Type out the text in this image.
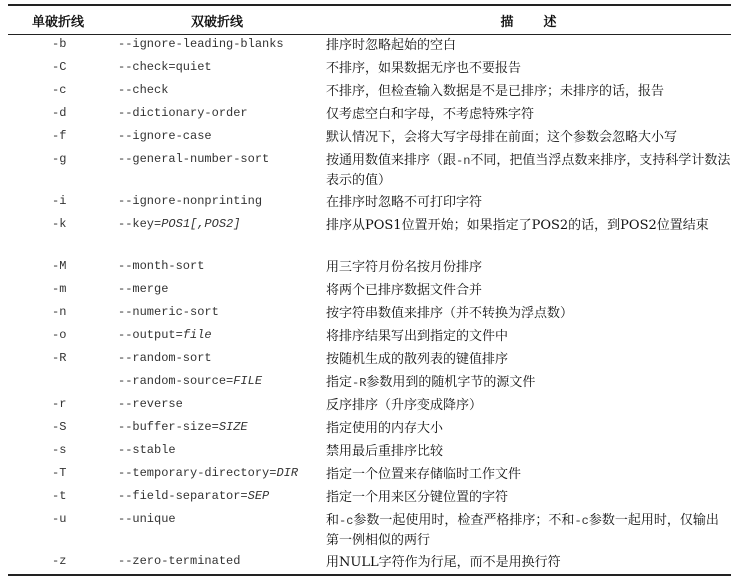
单破折线	双破折线	描述
-b	--ignore-leading-blanks	排序时忽略起始的空白
-C	--check=quiet	不排序，如果数据无序也不要报告
-c	--check	不排序，但检查输入数据是不是已排序；未排序的话，报告
-d	--dictionary-order	仅考虑空白和字母，不考虑特殊字符
-f	--ignore-case	默认情况下，会将大写字母排在前面；这个参数会忽略大小写
-g	--general-number-sort	按通用数值来排序（跟-n不同，把值当浮点数来排序，支持科学计数法表示的值）
-i	--ignore-nonprinting	在排序时忽略不可打印字符
-k	--key=POS1[,POS2]	排序从POS1位置开始；如果指定了POS2的话，到POS2位置结束
-M	--month-sort	用三字符月份名按月份排序
-m	--merge	将两个已排序数据文件合并
-n	--numeric-sort	按字符串数值来排序（并不转换为浮点数）
-o	--output=file	将排序结果写出到指定的文件中
-R	--random-sort	按随机生成的散列表的键值排序
	--random-source=FILE	指定-R参数用到的随机字节的源文件
-r	--reverse	反序排序（升序变成降序）
-S	--buffer-size=SIZE	指定使用的内存大小
-s	--stable	禁用最后重排序比较
-T	--temporary-directory=DIR	指定一个位置来存储临时工作文件
-t	--field-separator=SEP	指定一个用来区分键位置的字符
-u	--unique	和-c参数一起使用时，检查严格排序；不和-c参数一起用时，仅输出第一例相似的两行
-z	--zero-terminated	用NULL字符作为行尾，而不是用换行符
